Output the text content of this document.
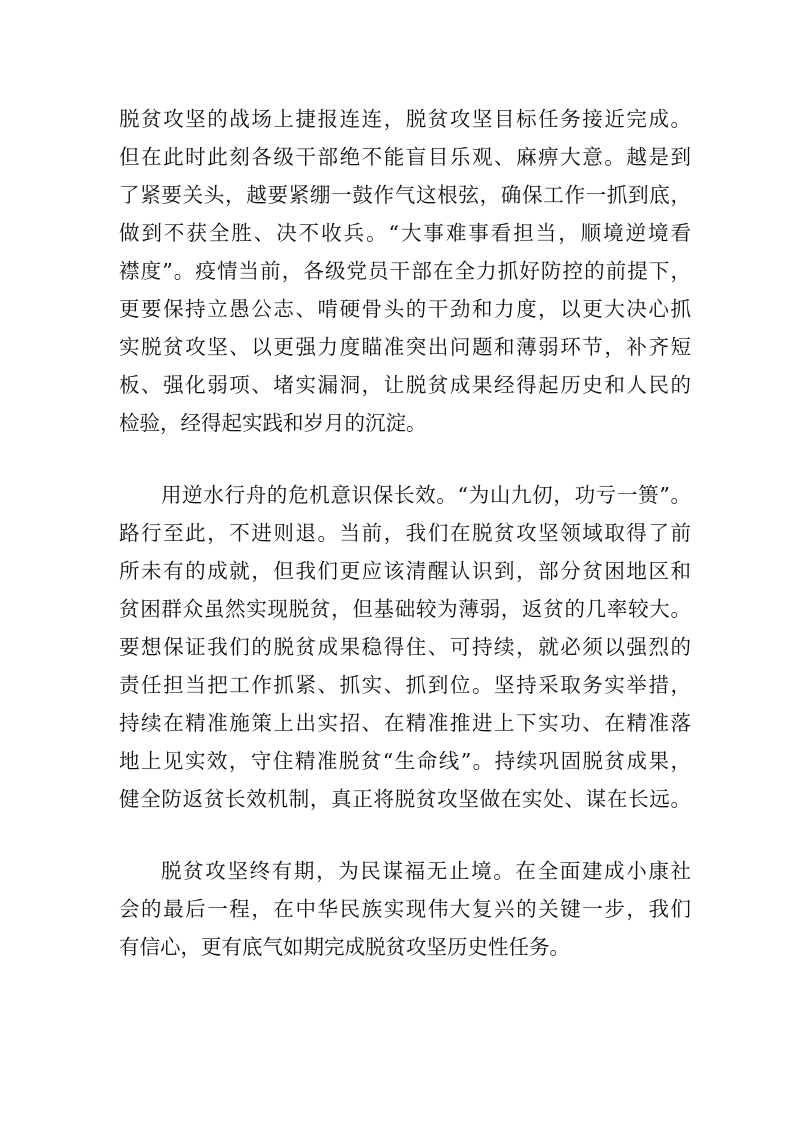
脱贫攻坚的战场上捷报连连，脱贫攻坚目标任务接近完成。
但在此时此刻各级干部绝不能盲目乐观、麻痹大意。越是到
了紧要关头，越要紧绷一鼓作气这根弦，确保工作一抓到底，
做到不获全胜、决不收兵。“大事难事看担当，顺境逆境看
襟度”。疫情当前，各级党员干部在全力抓好防控的前提下，
更要保持立愚公志、啃硬骨头的干劲和力度，以更大决心抓
实脱贫攻坚、以更强力度瞄准突出问题和薄弱环节，补齐短
板、强化弱项、堵实漏洞，让脱贫成果经得起历史和人民的
检验，经得起实践和岁月的沉淀。
用逆水行舟的危机意识保长效。“为山九仞，功亏一篑”。
路行至此，不进则退。当前，我们在脱贫攻坚领域取得了前
所未有的成就，但我们更应该清醒认识到，部分贫困地区和
贫困群众虽然实现脱贫，但基础较为薄弱，返贫的几率较大。
要想保证我们的脱贫成果稳得住、可持续，就必须以强烈的
责任担当把工作抓紧、抓实、抓到位。坚持采取务实举措，
持续在精准施策上出实招、在精准推进上下实功、在精准落
地上见实效，守住精准脱贫“生命线”。持续巩固脱贫成果，
健全防返贫长效机制，真正将脱贫攻坚做在实处、谋在长远。
脱贫攻坚终有期，为民谋福无止境。在全面建成小康社
会的最后一程，在中华民族实现伟大复兴的关键一步，我们
有信心，更有底气如期完成脱贫攻坚历史性任务。
